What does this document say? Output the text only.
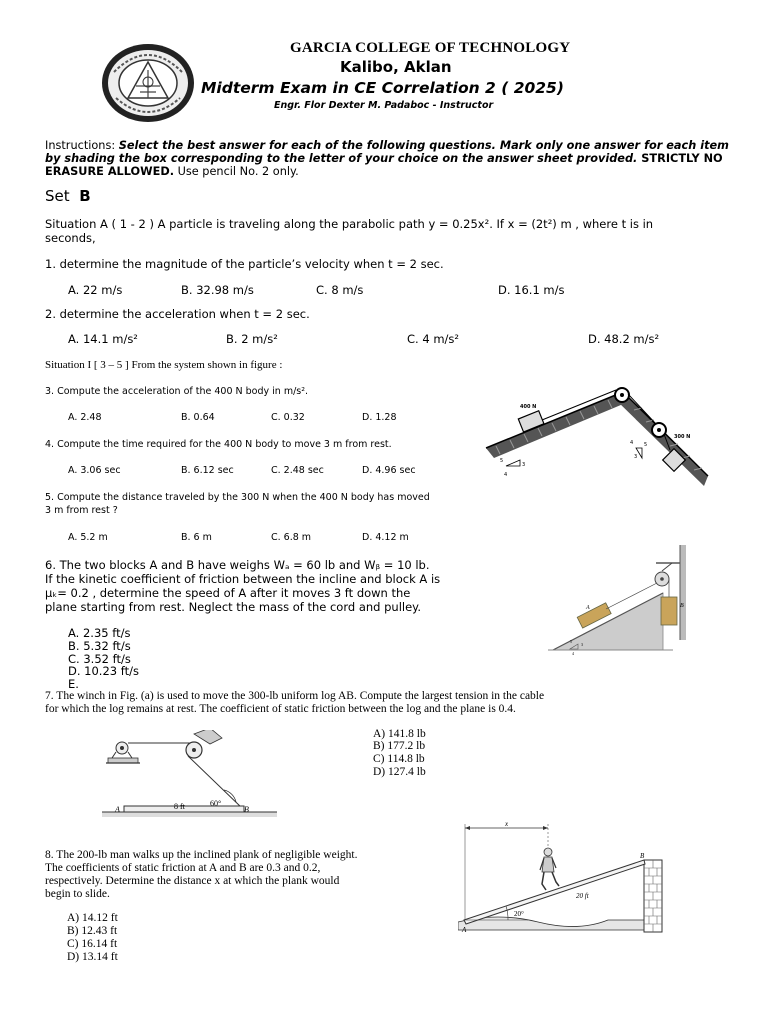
GARCIA COLLEGE OF TECHNOLOGY
Kalibo, Aklan
Midterm Exam in CE Correlation 2 ( 2025)
Engr. Flor Dexter M. Padaboc - Instructor
Instructions: Select the best answer for each of the following questions. Mark only one answer for each item by shading the box corresponding to the letter of your choice on the answer sheet provided. STRICTLY NO ERASURE ALLOWED. Use pencil No. 2 only.
Set B
Situation A ( 1 - 2 ) A particle is traveling along the parabolic path y = 0.25x². If x = (2t²) m , where t is in
seconds,
1. determine the magnitude of the particle’s velocity when t = 2 sec.
A. 22 m/s	B. 32.98 m/s	C. 8 m/s	D. 16.1 m/s
2. determine the acceleration when t = 2 sec.
A. 14.1 m/s²	B. 2 m/s²	C. 4 m/s²	D. 48.2 m/s²
Situation I [ 3 – 5 ] From the system shown in figure :
3. Compute the acceleration of the 400 N body in m/s².
A. 2.48	B. 0.64	C. 0.32	D. 1.28
4. Compute the time required for the 400 N body to move 3 m from rest.
A. 3.06 sec	B. 6.12 sec	C. 2.48 sec	D. 4.96 sec
5. Compute the distance traveled by the 300 N when the 400 N body has moved
3 m from rest ?
A. 5.2 m	B. 6 m	C. 6.8 m	D. 4.12 m
400 N
300 N
5
3
4
4
3
5
6. The two blocks A and B have weighs Wₐ = 60 lb and Wᵦ = 10 lb.
If the kinetic coefficient of friction between the incline and block A is
μₖ= 0.2 , determine the speed of A after it moves 3 ft down the
plane starting from rest. Neglect the mass of the cord and pulley.
A. 2.35 ft/s
B. 5.32 ft/s
C. 3.52 ft/s
D. 10.23 ft/s
E.
A	B
3
4
5
7. The winch in Fig. (a) is used to move the 300-lb uniform log AB. Compute the largest tension in the cable
for which the log remains at rest. The coefficient of static friction between the log and the plane is 0.4.
A) 141.8 lb
B) 177.2 lb
C) 114.8 lb
D) 127.4 lb
A	B
8 ft	60°
8. The 200-lb man walks up the inclined plank of negligible weight.
The coefficients of static friction at A and B are 0.3 and 0.2,
respectively. Determine the distance x at which the plank would
begin to slide.
A) 14.12 ft
B) 12.43 ft
C) 16.14 ft
D) 13.14 ft
x
20°
A
B
20 ft
